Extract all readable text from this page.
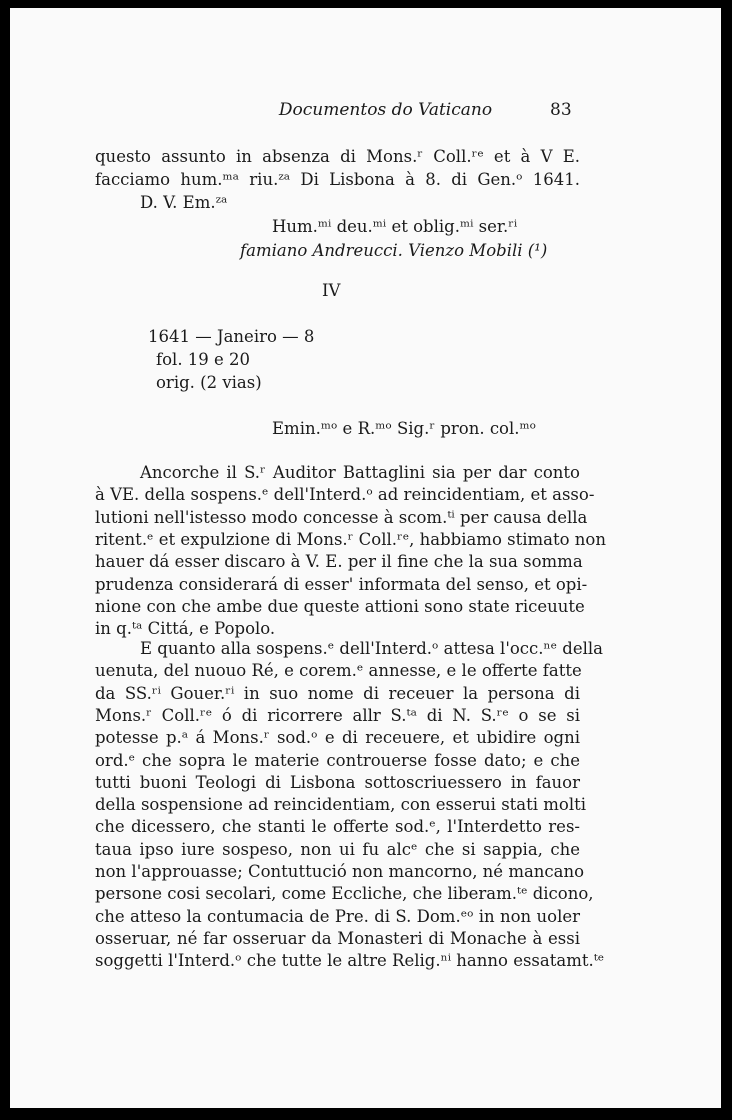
Documentos do Vaticano	83
questo assunto in absenza di Mons.ʳ Coll.ʳᵉ et à V E.
facciamo hum.ᵐᵃ riu.ᶻᵃ Di Lisbona à 8. di Gen.ᵒ 1641.
D. V. Em.ᶻᵃ
Hum.ᵐⁱ deu.ᵐⁱ et oblig.ᵐⁱ ser.ʳⁱ
famiano Andreucci. Vienzo Mobili (¹)
IV
1641 — Janeiro — 8
fol. 19 e 20
orig. (2 vias)
Emin.ᵐᵒ e R.ᵐᵒ Sig.ʳ pron. col.ᵐᵒ
Ancorche il S.ʳ Auditor Battaglini sia per dar conto
à VE. della sospens.ᵉ dell'Interd.ᵒ ad reincidentiam, et asso-
lutioni nell'istesso modo concesse à scom.ᵗⁱ per causa della
ritent.ᵉ et expulzione di Mons.ʳ Coll.ʳᵉ, habbiamo stimato non
hauer dá esser discaro à V. E. per il fine che la sua somma
prudenza considerará di esser' informata del senso, et opi-
nione con che ambe due queste attioni sono state riceuute
in q.ᵗᵃ Cittá, e Popolo.
E quanto alla sospens.ᵉ dell'Interd.ᵒ attesa l'occ.ⁿᵉ della
uenuta, del nuouo Ré, e corem.ᵉ annesse, e le offerte fatte
da SS.ʳⁱ Gouer.ʳⁱ in suo nome di receuer la persona di
Mons.ʳ Coll.ʳᵉ ó di ricorrere allr S.ᵗᵃ di N. S.ʳᵉ o se si
potesse p.ᵃ á Mons.ʳ sod.ᵒ e di receuere, et ubidire ogni
ord.ᵉ che sopra le materie controuerse fosse dato; e che
tutti buoni Teologi di Lisbona sottoscriuessero in fauor
della sospensione ad reincidentiam, con esserui stati molti
che dicessero, che stanti le offerte sod.ᵉ, l'Interdetto res-
taua ipso iure sospeso, non ui fu alcᵉ che si sappia, che
non l'approuasse; Contuttuciό non mancorno, né mancano
persone cosi secolari, come Eccliche, che liberam.ᵗᵉ dicono,
che atteso la contumacia de Pre. di S. Dom.ᵉᵒ in non uoler
osseruar, né far osseruar da Monasteri di Monache à essi
soggetti l'Interd.ᵒ che tutte le altre Relig.ⁿⁱ hanno essatamt.ᵗᵉ
